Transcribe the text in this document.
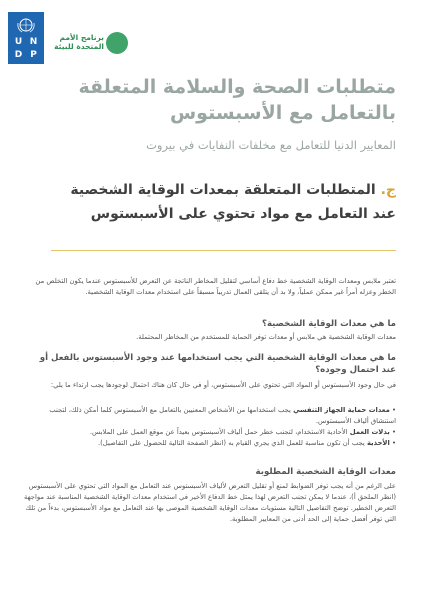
U N
D P
برنامج الأمم
المتحدة للبيئة
متطلبات الصحة والسلامة المتعلقة
بالتعامل مع الأسبستوس

المعايير الدنيا للتعامل مع مخلفات النفايات في بيروت

ج. المتطلبات المتعلقة بمعدات الوقاية الشخصية
عند التعامل مع مواد تحتوي على الأسبستوس

تعتبر ملابس ومعدات الوقاية الشخصية خط دفاع أساسي لتقليل المخاطر الناتجة عن التعرض للأسبستوس عندما يكون التخلص من الخطر وعزله أمراً غير ممكن عملياً، ولا بد أن يتلقى العمال تدريباً مسبقاً على استخدام معدات الوقاية الشخصية.

ما هي معدات الوقاية الشخصية؟

معدات الوقاية الشخصية هي ملابس أو معدات توفر الحماية للمستخدم من المخاطر المحتملة.

ما هي معدات الوقاية الشخصية التي يجب استخدامها عند وجود الأسبستوس بالفعل أو عند احتمال وجوده؟

في حال وجود الأسبستوس أو المواد التي تحتوي على الأسبستوس، أو في حال كان هناك احتمال لوجودها يجب ارتداء ما يلي:

• معدات حماية الجهاز التنفسي يجب استخدامها من الأشخاص المعنيين بالتعامل مع الأسبستوس كلما أمكن ذلك، لتجنب استنشاق ألياف الأسبستوس.
• بدلات العمل الأحادية الاستخدام، لتجنب خطر حمل ألياف الأسبستوس بعيداً عن موقع العمل على الملابس.
• الأحذية يجب أن تكون مناسبة للعمل الذي يجري القيام به (انظر الصفحة التالية للحصول على التفاصيل).

معدات الوقاية الشخصية المطلوبة

على الرغم من أنه يجب توفر الضوابط لمنع أو تقليل التعرض لألياف الأسبستوس عند التعامل مع المواد التي تحتوي على الأسبستوس (انظر الملحق أ)، عندما لا يمكن تجنب التعرض لهذا يمثل خط الدفاع الأخير في استخدام معدات الوقاية الشخصية المناسبة عند مواجهة التعرض الخطير. توضح التفاصيل التالية مستويات معدات الوقاية الشخصية الموصى بها عند التعامل مع مواد الأسبستوس، بدءاً من تلك التي توفر أفضل حماية إلى الحد أدنى من المعايير المطلوبة.
